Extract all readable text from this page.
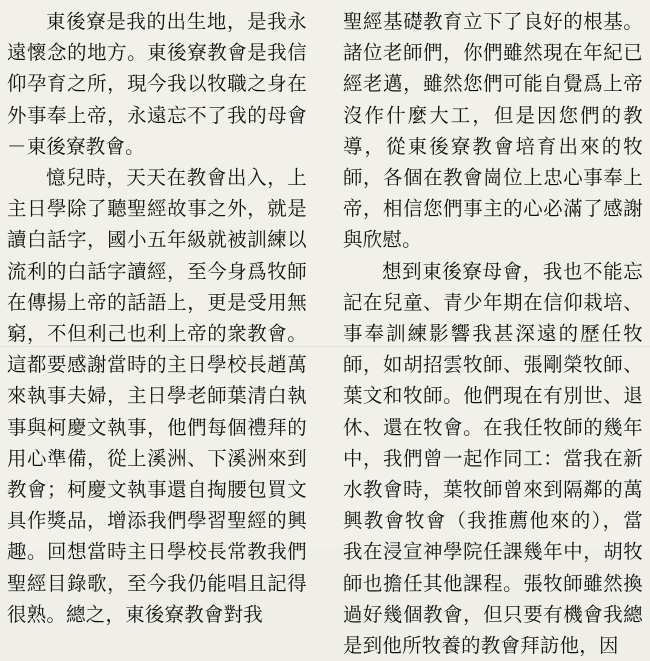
東後寮是我的出生地，是我永遠懷念的地方。東後寮教會是我信仰孕育之所，現今我以牧職之身在外事奉上帝，永遠忘不了我的母會－東後寮教會。

憶兒時，天天在教會出入，上主日學除了聽聖經故事之外，就是讀白話字，國小五年級就被訓練以流利的白話字讀經，至今身爲牧師在傳揚上帝的話語上，更是受用無窮，不但利己也利上帝的衆教會。這都要感謝當時的主日學校長趙萬來執事夫婦，主日學老師葉清白執事與柯慶文執事，他們每個禮拜的用心準備，從上溪洲、下溪洲來到教會；柯慶文執事還自掏腰包買文具作獎品，增添我們學習聖經的興趣。回想當時主日學校長常教我們聖經目錄歌，至今我仍能唱且記得很熟。總之，東後寮教會對我

聖經基礎教育立下了良好的根基。諸位老師們，你們雖然現在年紀已經老邁，雖然您們可能自覺爲上帝沒作什麼大工，但是因您們的教導，從東後寮教會培育出來的牧師，各個在教會崗位上忠心事奉上帝，相信您們事主的心必滿了感謝與欣慰。

想到東後寮母會，我也不能忘記在兒童、青少年期在信仰栽培、事奉訓練影響我甚深遠的歷任牧師，如胡招雲牧師、張剛榮牧師、葉文和牧師。他們現在有別世、退休、還在牧會。在我任牧師的幾年中，我們曾一起作同工：當我在新水教會時，葉牧師曾來到隔鄰的萬興教會牧會（我推薦他來的），當我在浸宣神學院任課幾年中，胡牧師也擔任其他課程。張牧師雖然換過好幾個教會，但只要有機會我總是到他所牧養的教會拜訪他，因
